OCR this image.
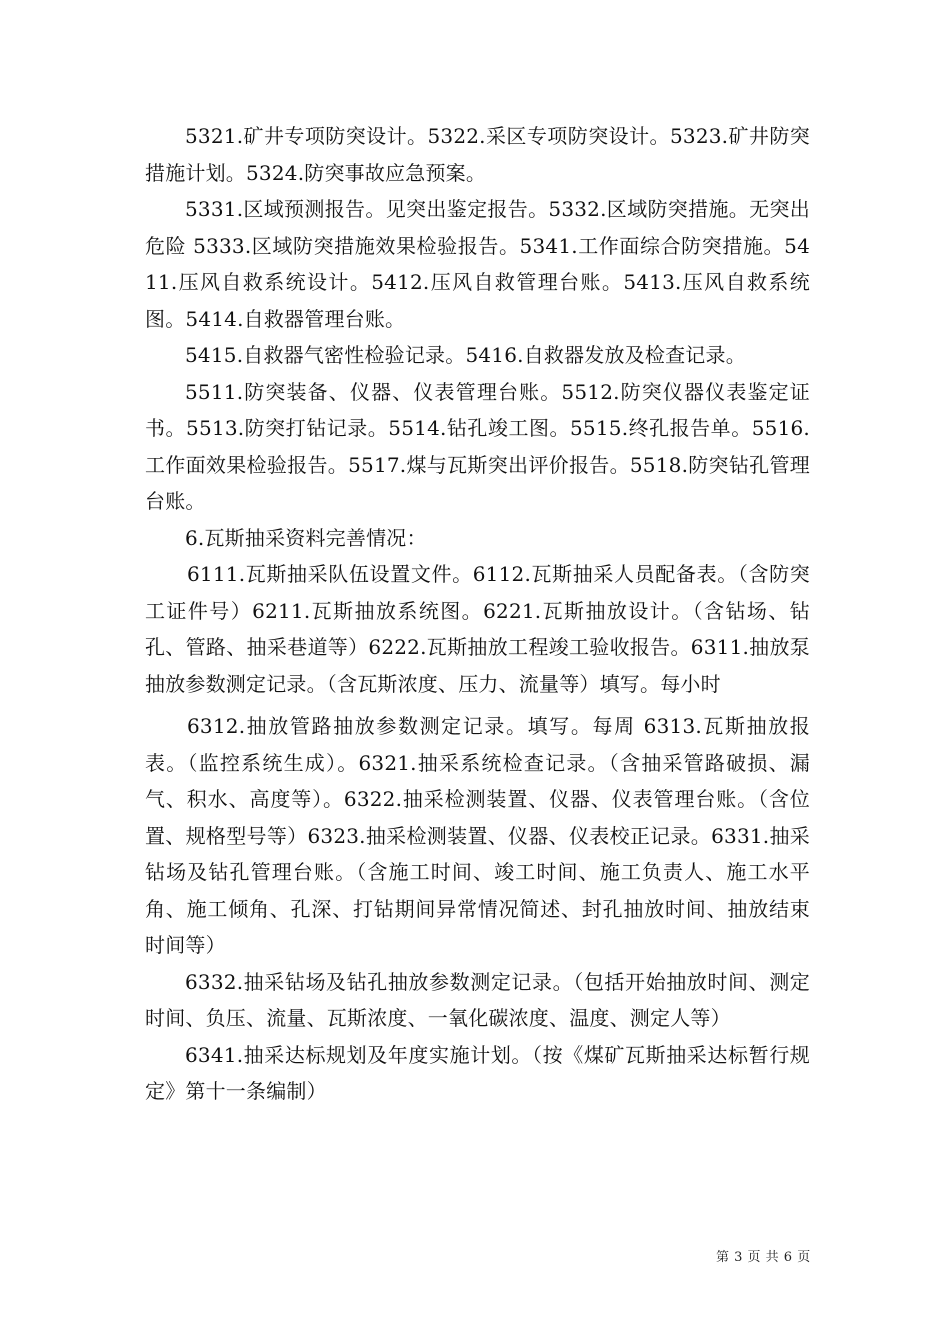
5321.矿井专项防突设计。5322.采区专项防突设计。5323.矿井防突措施计划。5324.防突事故应急预案。

5331.区域预测报告。见突出鉴定报告。5332.区域防突措施。无突出危险 5333.区域防突措施效果检验报告。5341.工作面综合防突措施。5411.压风自救系统设计。5412.压风自救管理台账。5413.压风自救系统图。5414.自救器管理台账。

5415.自救器气密性检验记录。5416.自救器发放及检查记录。

5511.防突装备、仪器、仪表管理台账。5512.防突仪器仪表鉴定证书。5513.防突打钻记录。5514.钻孔竣工图。5515.终孔报告单。5516.工作面效果检验报告。5517.煤与瓦斯突出评价报告。5518.防突钻孔管理台账。

6.瓦斯抽采资料完善情况：

6111.瓦斯抽采队伍设置文件。6112.瓦斯抽采人员配备表。（含防突工证件号）6211.瓦斯抽放系统图。6221.瓦斯抽放设计。（含钻场、钻孔、管路、抽采巷道等）6222.瓦斯抽放工程竣工验收报告。6311.抽放泵抽放参数测定记录。（含瓦斯浓度、压力、流量等）填写。每小时

6312.抽放管路抽放参数测定记录。填写。每周 6313.瓦斯抽放报表。（监控系统生成）。6321.抽采系统检查记录。（含抽采管路破损、漏气、积水、高度等）。6322.抽采检测装置、仪器、仪表管理台账。（含位置、规格型号等）6323.抽采检测装置、仪器、仪表校正记录。6331.抽采钻场及钻孔管理台账。（含施工时间、竣工时间、施工负责人、施工水平角、施工倾角、孔深、打钻期间异常情况简述、封孔抽放时间、抽放结束时间等）

6332.抽采钻场及钻孔抽放参数测定记录。（包括开始抽放时间、测定时间、负压、流量、瓦斯浓度、一氧化碳浓度、温度、测定人等）

6341.抽采达标规划及年度实施计划。（按《煤矿瓦斯抽采达标暂行规定》第十一条编制）

第 3 页 共 6 页
